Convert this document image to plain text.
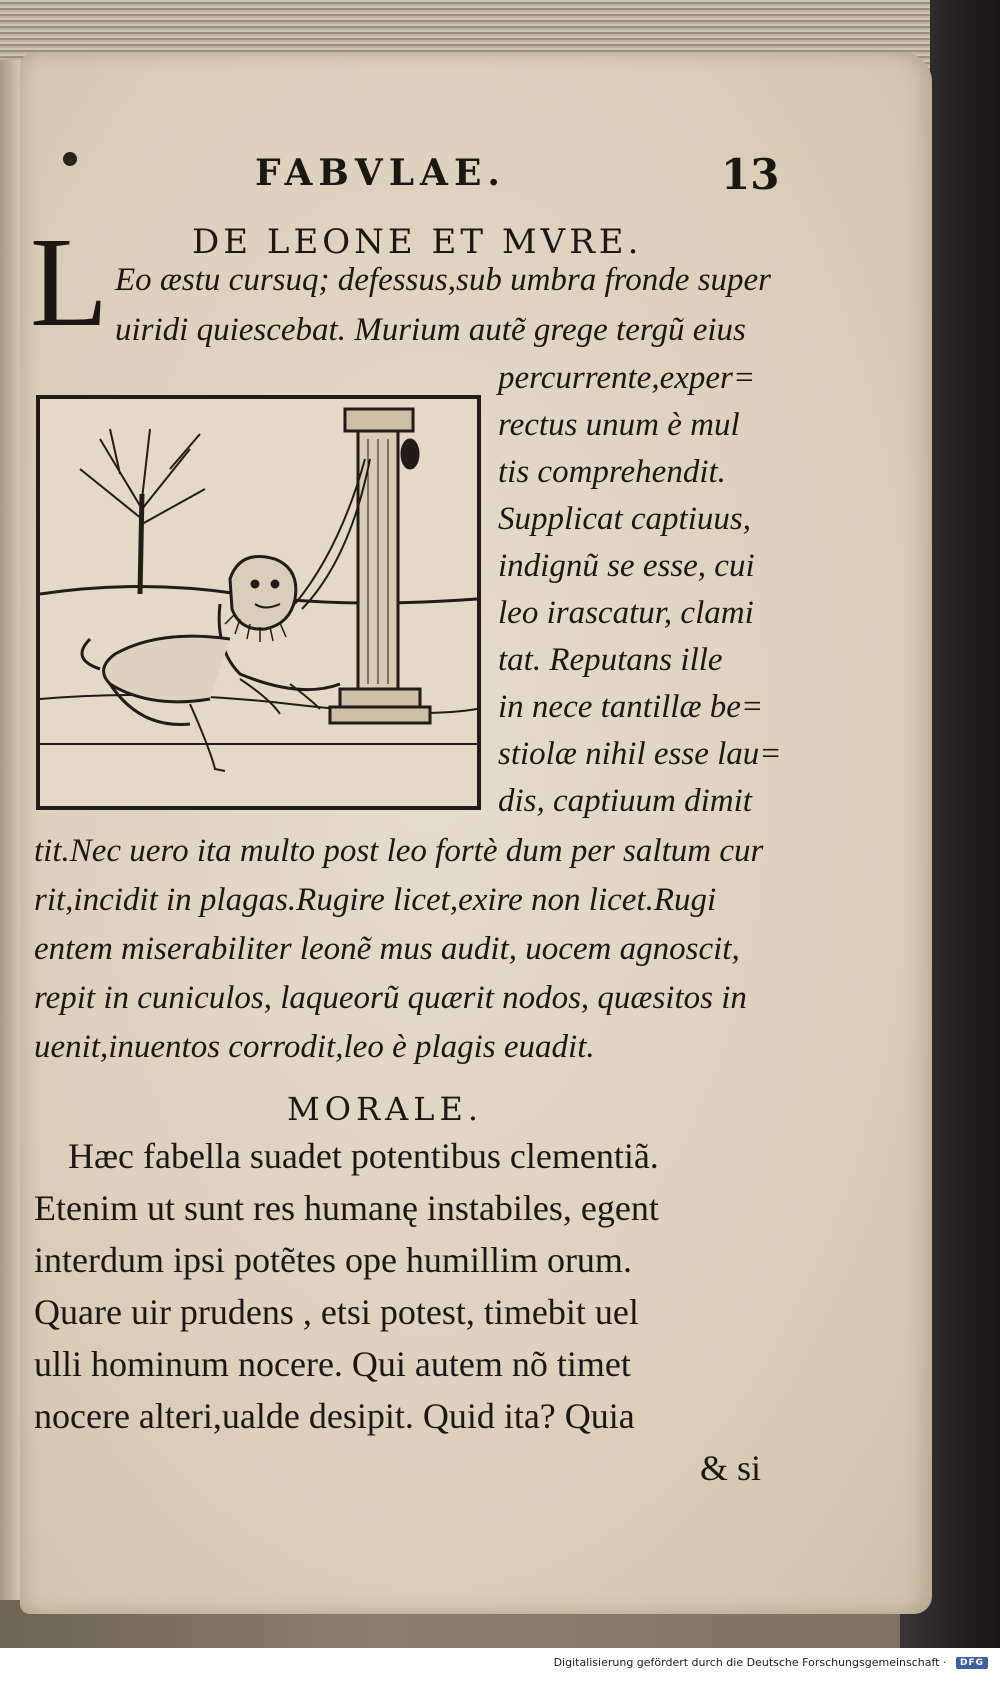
FABVLAE.	13
L DE LEONE ET MVRE.
Eo æstu cursuq; defessus,sub umbra fronde super
uiridi quiescebat. Murium autẽ grege tergũ eius
percurrente,exper=
rectus unum è mul
tis comprehendit.
Supplicat captiuus,
indignũ se esse, cui
leo irascatur, clami
tat. Reputans ille
in nece tantillæ be=
stiolæ nihil esse lau=
dis, captiuum dimit
tit.Nec uero ita multo post leo fortè dum per saltum cur
rit,incidit in plagas.Rugire licet,exire non licet.Rugi
entem miserabiliter leonẽ mus audit, uocem agnoscit,
repit in cuniculos, laqueorũ quærit nodos, quæsitos in
uenit,inuentos corrodit,leo è plagis euadit.
MORALE.
Hæc fabella suadet potentibus clementiã.
Etenim ut sunt res humanę instabiles, egent
interdum ipsi potẽtes ope humillim orum.
Quare uir prudens , etsi potest, timebit uel
ulli hominum nocere. Qui autem nõ timet
nocere alteri,ualde desipit. Quid ita? Quia
& si
Digitalisierung gefördert durch die Deutsche Forschungsgemeinschaft · DFG
